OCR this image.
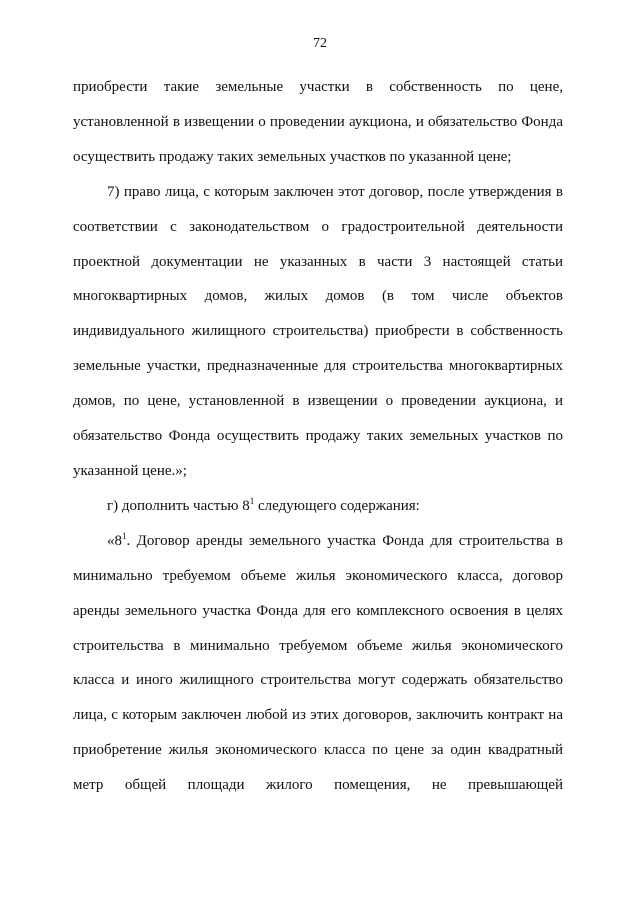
72

приобрести такие земельные участки в собственность по цене, установленной в извещении о проведении аукциона, и обязательство Фонда осуществить продажу таких земельных участков по указанной цене;

7) право лица, с которым заключен этот договор, после утверждения в соответствии с законодательством о градостроительной деятельности проектной документации не указанных в части 3 настоящей статьи многоквартирных домов, жилых домов (в том числе объектов индивидуального жилищного строительства) приобрести в собственность земельные участки, предназначенные для строительства многоквартирных домов, по цене, установленной в извещении о проведении аукциона, и обязательство Фонда осуществить продажу таких земельных участков по указанной цене.»;

г) дополнить частью $8^1$ следующего содержания:

«$8^1$. Договор аренды земельного участка Фонда для строительства в минимально требуемом объеме жилья экономического класса, договор аренды земельного участка Фонда для его комплексного освоения в целях строительства в минимально требуемом объеме жилья экономического класса и иного жилищного строительства могут содержать обязательство лица, с которым заключен любой из этих договоров, заключить контракт на приобретение жилья экономического класса по цене за один квадратный метр общей площади жилого помещения, не превышающей
